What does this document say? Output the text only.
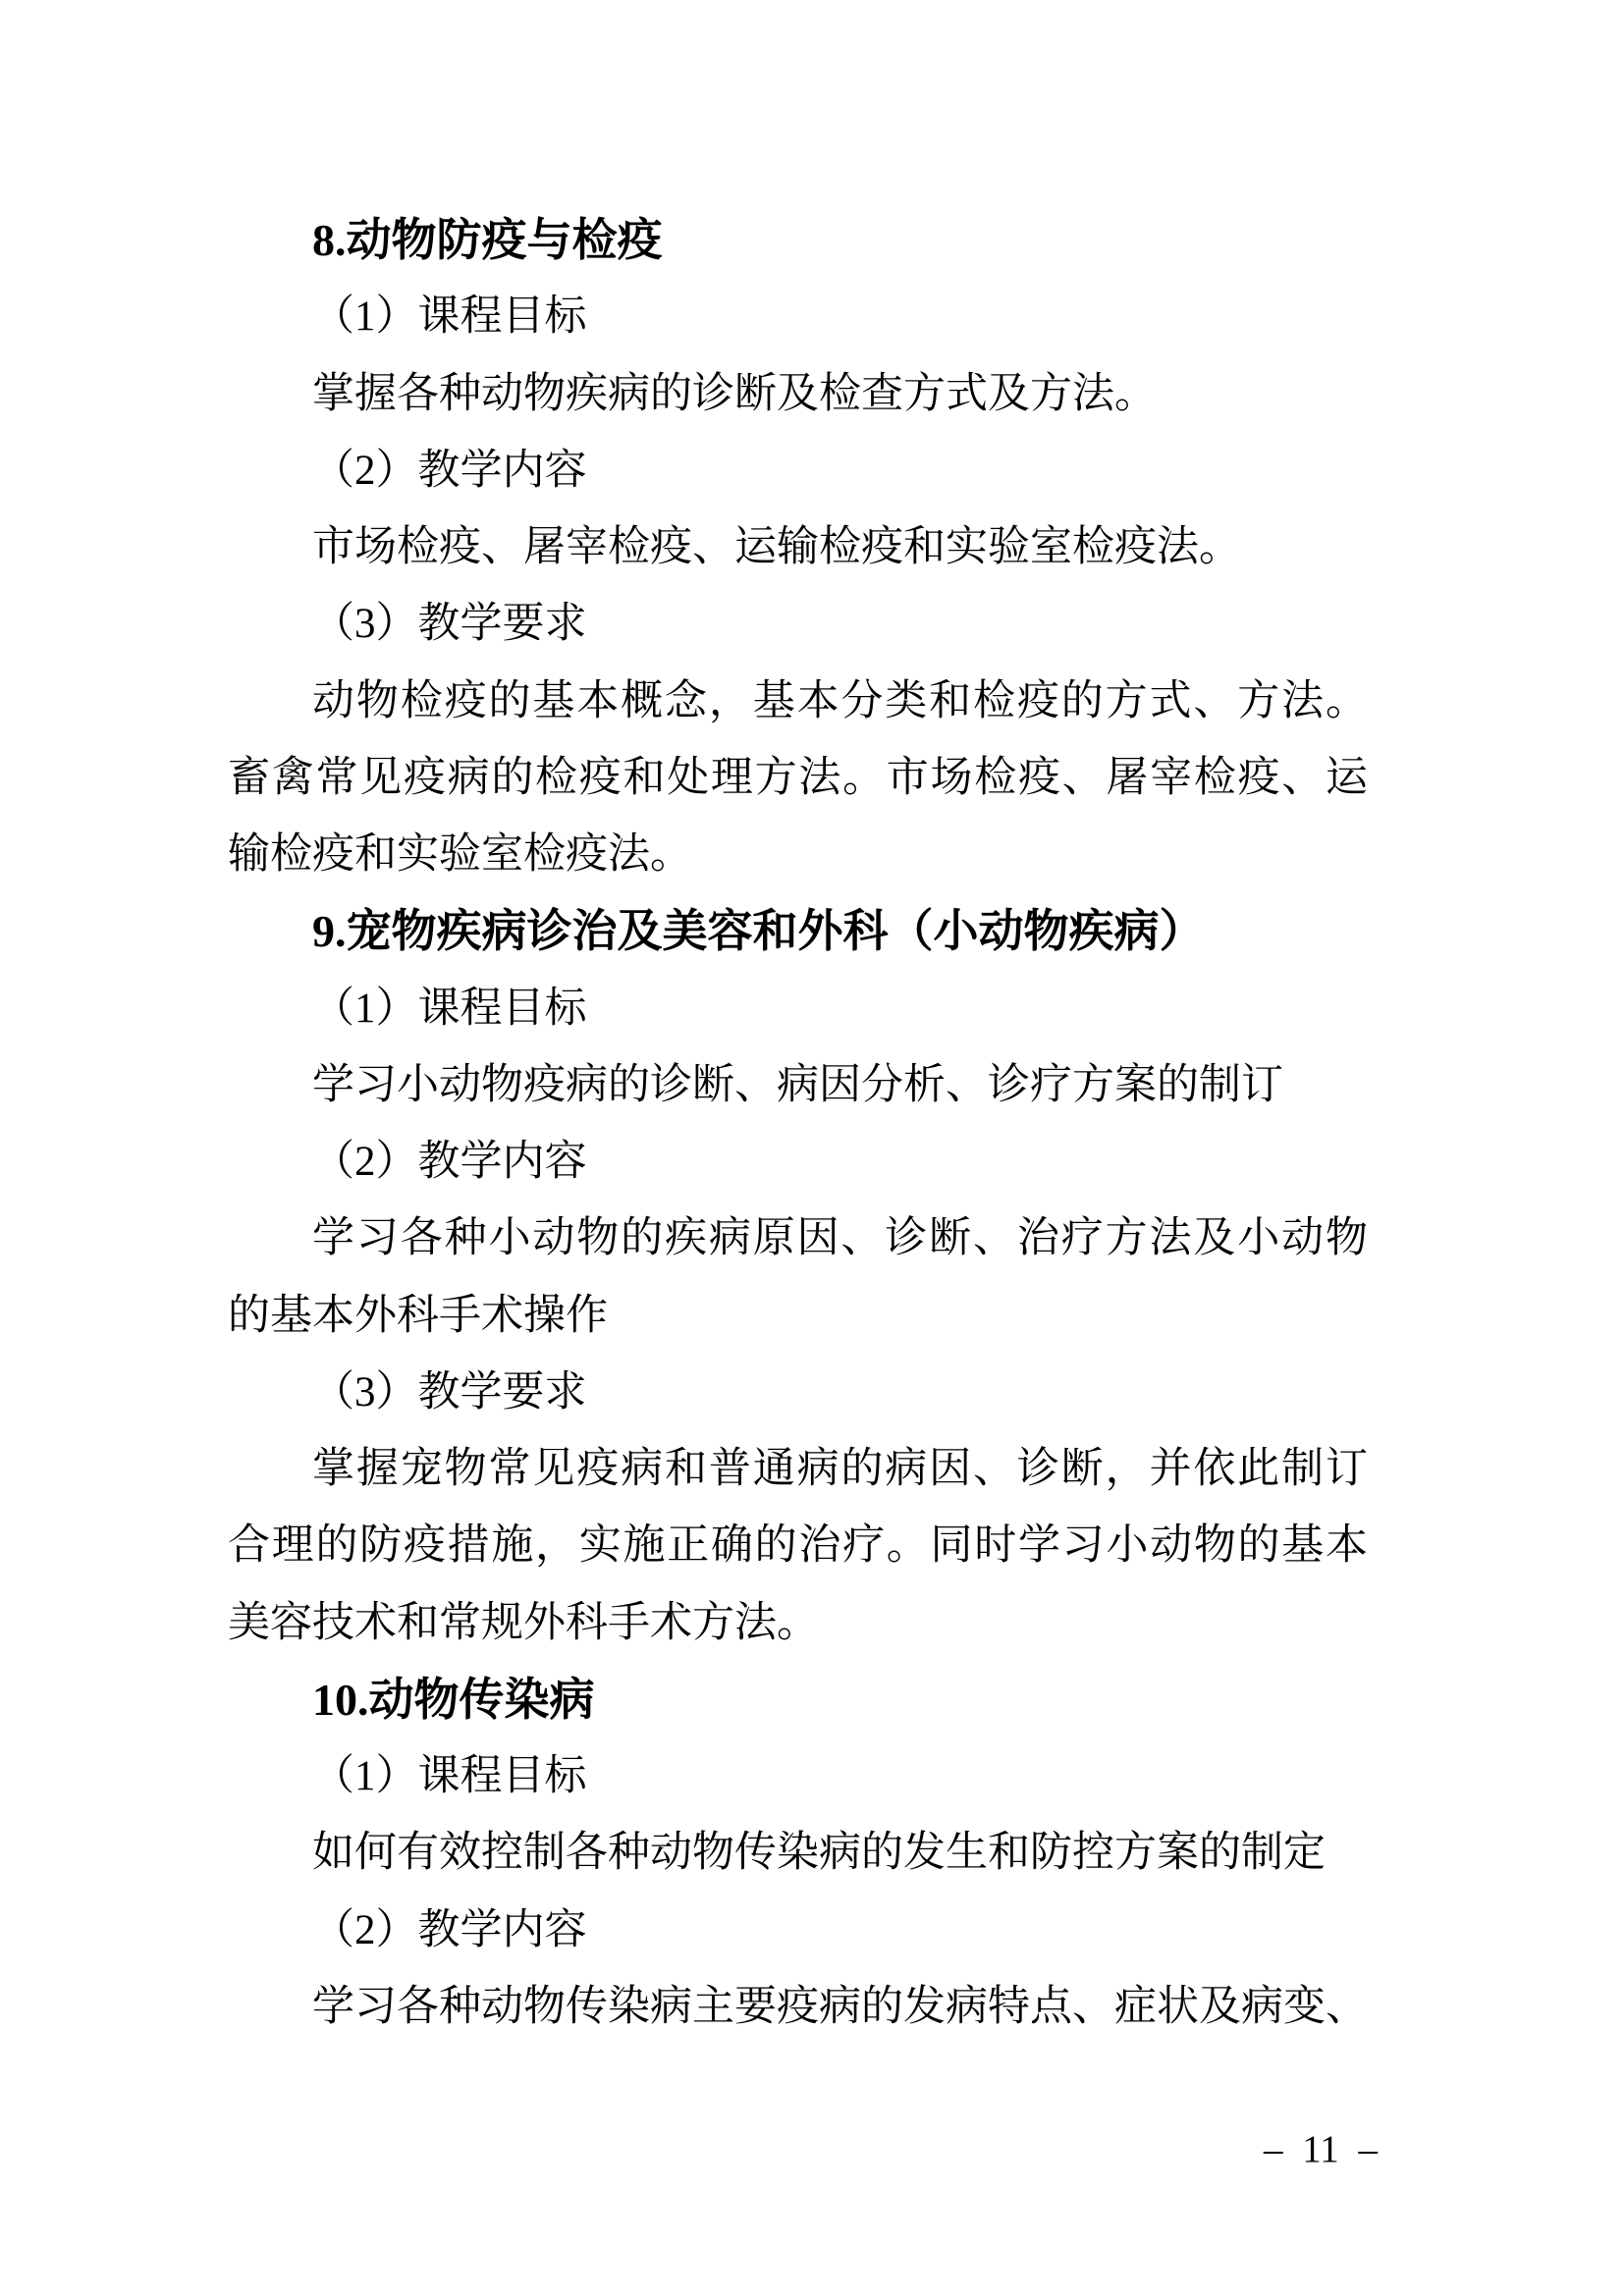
8.动物防疫与检疫
（1）课程目标
掌握各种动物疾病的诊断及检查方式及方法。
（2）教学内容
市场检疫、屠宰检疫、运输检疫和实验室检疫法。
（3）教学要求
动物检疫的基本概念，基本分类和检疫的方式、方法。
畜禽常见疫病的检疫和处理方法。市场检疫、屠宰检疫、运
输检疫和实验室检疫法。
9.宠物疾病诊治及美容和外科（小动物疾病）
（1）课程目标
学习小动物疫病的诊断、病因分析、诊疗方案的制订
（2）教学内容
学习各种小动物的疾病原因、诊断、治疗方法及小动物
的基本外科手术操作
（3）教学要求
掌握宠物常见疫病和普通病的病因、诊断，并依此制订
合理的防疫措施，实施正确的治疗。同时学习小动物的基本
美容技术和常规外科手术方法。
10.动物传染病
（1）课程目标
如何有效控制各种动物传染病的发生和防控方案的制定
（2）教学内容
学习各种动物传染病主要疫病的发病特点、症状及病变、
– 11 –
